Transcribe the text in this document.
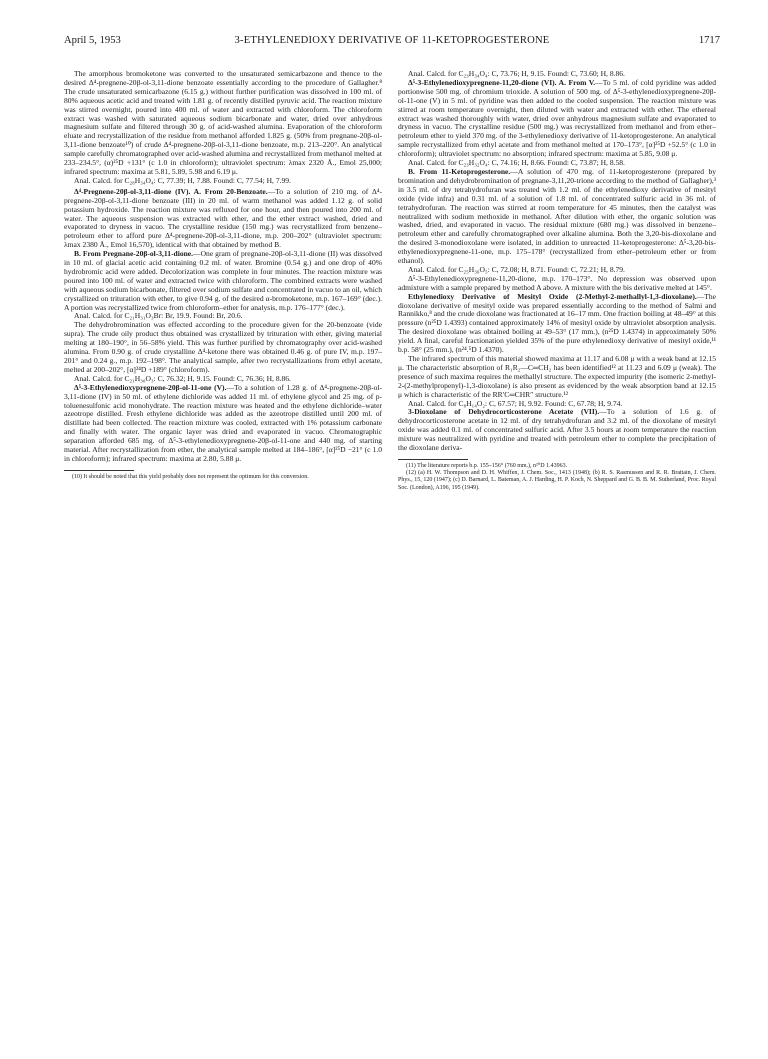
April 5, 1953	3-ETHYLENEDIOXY DERIVATIVE OF 11-KETOPROGESTERONE	1717

The amorphous bromoketone was converted to the unsaturated semicarbazone and thence to the desired Δ⁴-pregnene-20β-ol-3,11-dione benzoate essentially according to the procedure of Gallagher.⁸ The crude unsaturated semicarbazone (6.15 g.) without further purification was dissolved in 100 ml. of 80% aqueous acetic acid and treated with 1.81 g. of recently distilled pyruvic acid. The reaction mixture was stirred overnight, poured into 400 ml. of water and extracted with chloroform. The chloroform extract was washed with saturated aqueous sodium bicarbonate and water, dried over anhydrous magnesium sulfate and filtered through 30 g. of acid-washed alumina. Evaporation of the chloroform eluate and recrystallization of the residue from methanol afforded 1.825 g. (50% from pregnane-20β-ol-3,11-dione benzoate¹⁰) of crude Δ⁴-pregnene-20β-ol-3,11-dione benzoate, m.p. 213–220°. An analytical sample carefully chromatographed over acid-washed alumina and recrystallized from methanol melted at 233–234.5°, (α)²⁵D +131° (c 1.0 in chloroform); ultraviolet spectrum: λmax 2320 Å., Emol 25,000; infrared spectrum: maxima at 5.81, 5.89, 5.98 and 6.19 μ.

Anal. Calcd. for C₂₈H₃₄O₄: C, 77.39; H, 7.88. Found: C, 77.54; H, 7.99.

Δ⁴-Pregnene-20β-ol-3,11-dione (IV). A. From 20-Benzoate.—To a solution of 210 mg. of Δ⁴-pregnene-20β-ol-3,11-dione benzoate (III) in 20 ml. of warm methanol was added 1.12 g. of solid potassium hydroxide. The reaction mixture was refluxed for one hour, and then poured into 200 ml. of water. The aqueous suspension was extracted with ether, and the ether extract washed, dried and evaporated to dryness in vacuo. The crystalline residue (150 mg.) was recrystallized from benzene–petroleum ether to afford pure Δ⁴-pregnene-20β-ol-3,11-dione, m.p. 200–202° (ultraviolet spectrum: λmax 2380 Å., Emol 16,570), identical with that obtained by method B.

B. From Pregnane-20β-ol-3,11-dione.—One gram of pregnane-20β-ol-3,11-dione (II) was dissolved in 10 ml. of glacial acetic acid containing 0.2 ml. of water. Bromine (0.54 g.) and one drop of 40% hydrobromic acid were added. Decolorization was complete in four minutes. The reaction mixture was poured into 100 ml. of water and extracted twice with chloroform. The combined extracts were washed with aqueous sodium bicarbonate, filtered over sodium sulfate and concentrated in vacuo to an oil, which crystallized on trituration with ether, to give 0.94 g. of the desired α-bromoketone, m.p. 167–169° (dec.). A portion was recrystallized twice from chloroform–ether for analysis, m.p. 176–177° (dec.).

Anal. Calcd. for C₂₁H₃₁O₃Br: Br, 19.9. Found: Br, 20.6.

The dehydrobromination was effected according to the procedure given for the 20-benzoate (vide supra). The crude oily product thus obtained was crystallized by trituration with ether, giving material melting at 180–190°, in 56–58% yield. This was further purified by chromatography over acid-washed alumina. From 0.90 g. of crude crystalline Δ⁴-ketone there was obtained 0.46 g. of pure IV, m.p. 197–201° and 0.24 g., m.p. 192–198°. The analytical sample, after two recrystallizations from ethyl acetate, melted at 200–202°, [α]²⁴D +189° (chloroform).

Anal. Calcd. for C₂₁H₃₀O₃: C, 76.32; H, 9.15. Found: C, 76.36; H, 8.86.

Δ⁵-3-Ethylenedioxypregnene-20β-ol-11-one (V).—To a solution of 1.28 g. of Δ⁴-pregnene-20β-ol-3,11-dione (IV) in 50 ml. of ethylene dichloride was added 11 ml. of ethylene glycol and 25 mg. of p-toluenesulfonic acid monohydrate. The reaction mixture was heated and the ethylene dichloride–water azeotrope distilled. Fresh ethylene dichloride was added as the azeotrope distilled until 200 ml. of distillate had been collected. The reaction mixture was cooled, extracted with 1% potassium carbonate and finally with water. The organic layer was dried and evaporated in vacuo. Chromatographic separation afforded 685 mg. of Δ⁵-3-ethylenedioxypregnene-20β-ol-11-one and 440 mg. of starting material. After recrystallization from ether, the analytical sample melted at 184–186°, [α]²⁵D −21° (c 1.0 in chloroform); infrared spectrum: maxima at 2.80, 5.88 μ.

(10) It should be noted that this yield probably does not represent the optimum for this conversion.

Anal. Calcd. for C₂₃H₃₄O₄: C, 73.76; H, 9.15. Found: C, 73.60; H, 8.86.

Δ⁵-3-Ethylenedioxypregnene-11,20-dione (VI). A. From V.—To 5 ml. of cold pyridine was added portionwise 500 mg. of chromium trioxide. A solution of 500 mg. of Δ⁵-3-ethylenedioxypregnene-20β-ol-11-one (V) in 5 ml. of pyridine was then added to the cooled suspension. The reaction mixture was stirred at room temperature overnight, then diluted with water and extracted with ether. The ethereal extract was washed thoroughly with water, dried over anhydrous magnesium sulfate and evaporated to dryness in vacuo. The crystalline residue (500 mg.) was recrystallized from methanol and from ether–petroleum ether to yield 370 mg. of the 3-ethylenedioxy derivative of 11-ketoprogesterone. An analytical sample recrystallized from ethyl acetate and from methanol melted at 170–173°, [α]²⁵D +52.5° (c 1.0 in chloroform); ultraviolet spectrum: no absorption; infrared spectrum: maxima at 5.85, 9.08 μ.

Anal. Calcd. for C₂₃H₃₂O₄: C, 74.16; H, 8.66. Found: C, 73.87; H, 8.58.

B. From 11-Ketoprogesterone.—A solution of 470 mg. of 11-ketoprogesterone (prepared by bromination and dehydrobromination of pregnane-3,11,20-trione according to the method of Gallagher),³ in 3.5 ml. of dry tetrahydrofuran was treated with 1.2 ml. of the ethylenedioxy derivative of mesityl oxide (vide infra) and 0.31 ml. of a solution of 1.8 ml. of concentrated sulfuric acid in 36 ml. of tetrahydrofuran. The reaction was stirred at room temperature for 45 minutes, then the catalyst was neutralized with sodium methoxide in methanol. After dilution with ether, the organic solution was washed, dried, and evaporated in vacuo. The residual mixture (680 mg.) was dissolved in benzene–petroleum ether and carefully chromatographed over alkaline alumina. Both the 3,20-bis-dioxolane and the desired 3-monodioxolane were isolated, in addition to unreacted 11-ketoprogesterone: Δ⁵-3,20-bis-ethylenedioxypregnene-11-one, m.p. 175–178° (recrystallized from ether–petroleum ether or from ethanol).

Anal. Calcd. for C₂₅H₃₆O₅: C, 72.08; H, 8.71. Found: C, 72.21; H, 8.79.

Δ⁵-3-Ethylenedioxypregnene-11,20-dione, m.p. 170–173°. No depression was observed upon admixture with a sample prepared by method A above. A mixture with the bis derivative melted at 145°.

Ethylenedioxy Derivative of Mesityl Oxide (2-Methyl-2-methallyl-1,3-dioxolane).—The dioxolane derivative of mesityl oxide was prepared essentially according to the method of Salmi and Rannikko,⁸ and the crude dioxolane was fractionated at 16–17 mm. One fraction boiling at 48–49° at this pressure (n²⁵D 1.4393) contained approximately 14% of mesityl oxide by ultraviolet absorption analysis. The desired dioxolane was obtained boiling at 49–53° (17 mm.), (n²⁵D 1.4374) in approximately 50% yield. A final, careful fractionation yielded 35% of the pure ethylenedioxy derivative of mesityl oxide,¹¹ b.p. 58° (25 mm.), (n²⁴.⁵D 1.4370).

The infrared spectrum of this material showed maxima at 11.17 and 6.08 μ with a weak band at 12.15 μ. The characteristic absorption of R₁R₂—C═CH₂ has been identified¹² at 11.23 and 6.09 μ (weak). The presence of such maxima requires the methallyl structure. The expected impurity (the isomeric 2-methyl-2-(2-methylpropenyl)-1,3-dioxolane) is also present as evidenced by the weak absorption band at 12.15 μ which is characteristic of the RR′C═CHR″ structure.¹²

Anal. Calcd. for C₈H₁₄O₂: C, 67.57; H, 9.92. Found: C, 67.78; H, 9.74.

3-Dioxolane of Dehydrocorticosterone Acetate (VII).—To a solution of 1.6 g. of dehydrocorticosterone acetate in 12 ml. of dry tetrahydrofuran and 3.2 ml. of the dioxolane of mesityl oxide was added 0.1 ml. of concentrated sulfuric acid. After 3.5 hours at room temperature the reaction mixture was neutralized with pyridine and treated with petroleum ether to complete the precipitation of the dioxolane deriva-

(11) The literature reports b.p. 155–156° (760 mm.), n²⁰D 1.43963.

(12) (a) H. W. Thompson and D. H. Whiffen, J. Chem. Soc., 1413 (1948); (b) R. S. Rasmussen and R. R. Brattain, J. Chem. Phys., 15, 120 (1947); (c) D. Barnard, L. Bateman, A. J. Harding, H. P. Koch, N. Sheppard and G. B. B. M. Sutherland, Proc. Royal Soc. (London), A196, 195 (1949).
